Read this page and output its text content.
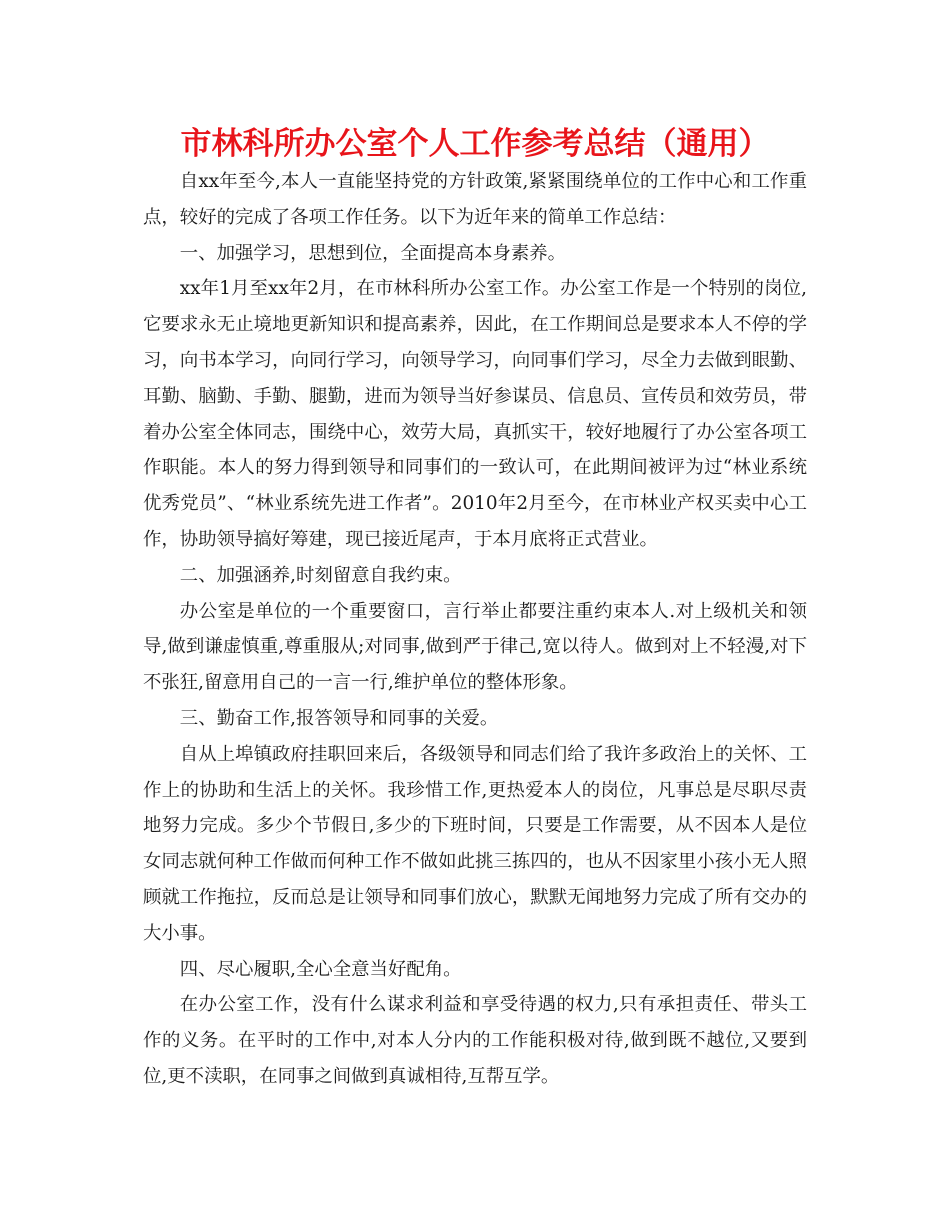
市林科所办公室个人工作参考总结（通用）

自xx年至今,本人一直能坚持党的方针政策,紧紧围绕单位的工作中心和工作重点，较好的完成了各项工作任务。以下为近年来的简单工作总结：

一、加强学习，思想到位，全面提高本身素养。

xx年1月至xx年2月，在市林科所办公室工作。办公室工作是一个特别的岗位,它要求永无止境地更新知识和提高素养，因此，在工作期间总是要求本人不停的学习，向书本学习，向同行学习，向领导学习，向同事们学习，尽全力去做到眼勤、耳勤、脑勤、手勤、腿勤，进而为领导当好参谋员、信息员、宣传员和效劳员，带着办公室全体同志，围绕中心，效劳大局，真抓实干，较好地履行了办公室各项工作职能。本人的努力得到领导和同事们的一致认可，在此期间被评为过“林业系统优秀党员”、“林业系统先进工作者”。2010年2月至今，在市林业产权买卖中心工作，协助领导搞好筹建，现已接近尾声，于本月底将正式营业。

二、加强涵养,时刻留意自我约束。

办公室是单位的一个重要窗口，言行举止都要注重约束本人.对上级机关和领导,做到谦虚慎重,尊重服从;对同事,做到严于律己,宽以待人。做到对上不轻漫,对下不张狂,留意用自己的一言一行,维护单位的整体形象。

三、勤奋工作,报答领导和同事的关爱。

自从上埠镇政府挂职回来后，各级领导和同志们给了我许多政治上的关怀、工作上的协助和生活上的关怀。我珍惜工作,更热爱本人的岗位，凡事总是尽职尽责地努力完成。多少个节假日,多少的下班时间，只要是工作需要，从不因本人是位女同志就何种工作做而何种工作不做如此挑三拣四的，也从不因家里小孩小无人照顾就工作拖拉，反而总是让领导和同事们放心，默默无闻地努力完成了所有交办的大小事。

四、尽心履职,全心全意当好配角。

在办公室工作，没有什么谋求利益和享受待遇的权力,只有承担责任、带头工作的义务。在平时的工作中,对本人分内的工作能积极对待,做到既不越位,又要到位,更不渎职，在同事之间做到真诚相待,互帮互学。
